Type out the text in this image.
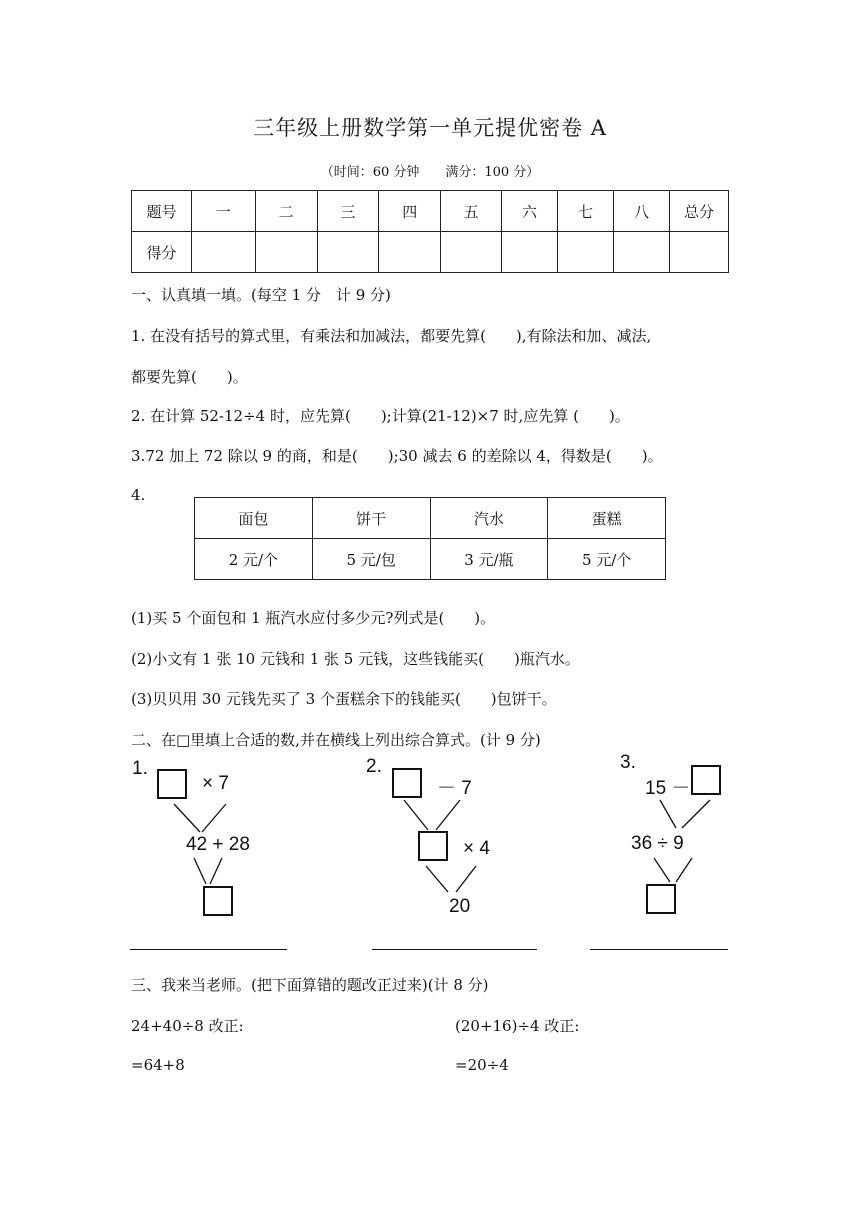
三年级上册数学第一单元提优密卷 A
（时间：60 分钟　　满分：100 分）
题号	一	二	三	四	五	六	七	八	总分
得分									
一、认真填一填。(每空 1 分　计 9 分)
1. 在没有括号的算式里，有乘法和加减法，都要先算(　　),有除法和加、减法,
都要先算(　　)。
2. 在计算 52-12÷4 时，应先算(　　);计算(21-12)×7 时,应先算 (　　)。
3.72 加上 72 除以 9 的商，和是(　　);30 减去 6 的差除以 4，得数是(　　)。
4.
面包	饼干	汽水	蛋糕
2 元/个	5 元/包	3 元/瓶	5 元/个
(1)买 5 个面包和 1 瓶汽水应付多少元?列式是(　　)。
(2)小文有 1 张 10 元钱和 1 张 5 元钱，这些钱能买(　　)瓶汽水。
(3)贝贝用 30 元钱先买了 3 个蛋糕余下的钱能买(　　)包饼干。
二、在□里填上合适的数,并在横线上列出综合算式。(计 9 分)
1.
× 7
42 + 28
2.
－ 7
× 4
20
3.
15 －
36 ÷ 9
三、我来当老师。(把下面算错的题改正过来)(计 8 分)
24+40÷8 改正:	(20+16)÷4 改正:
=64+8	=20÷4
